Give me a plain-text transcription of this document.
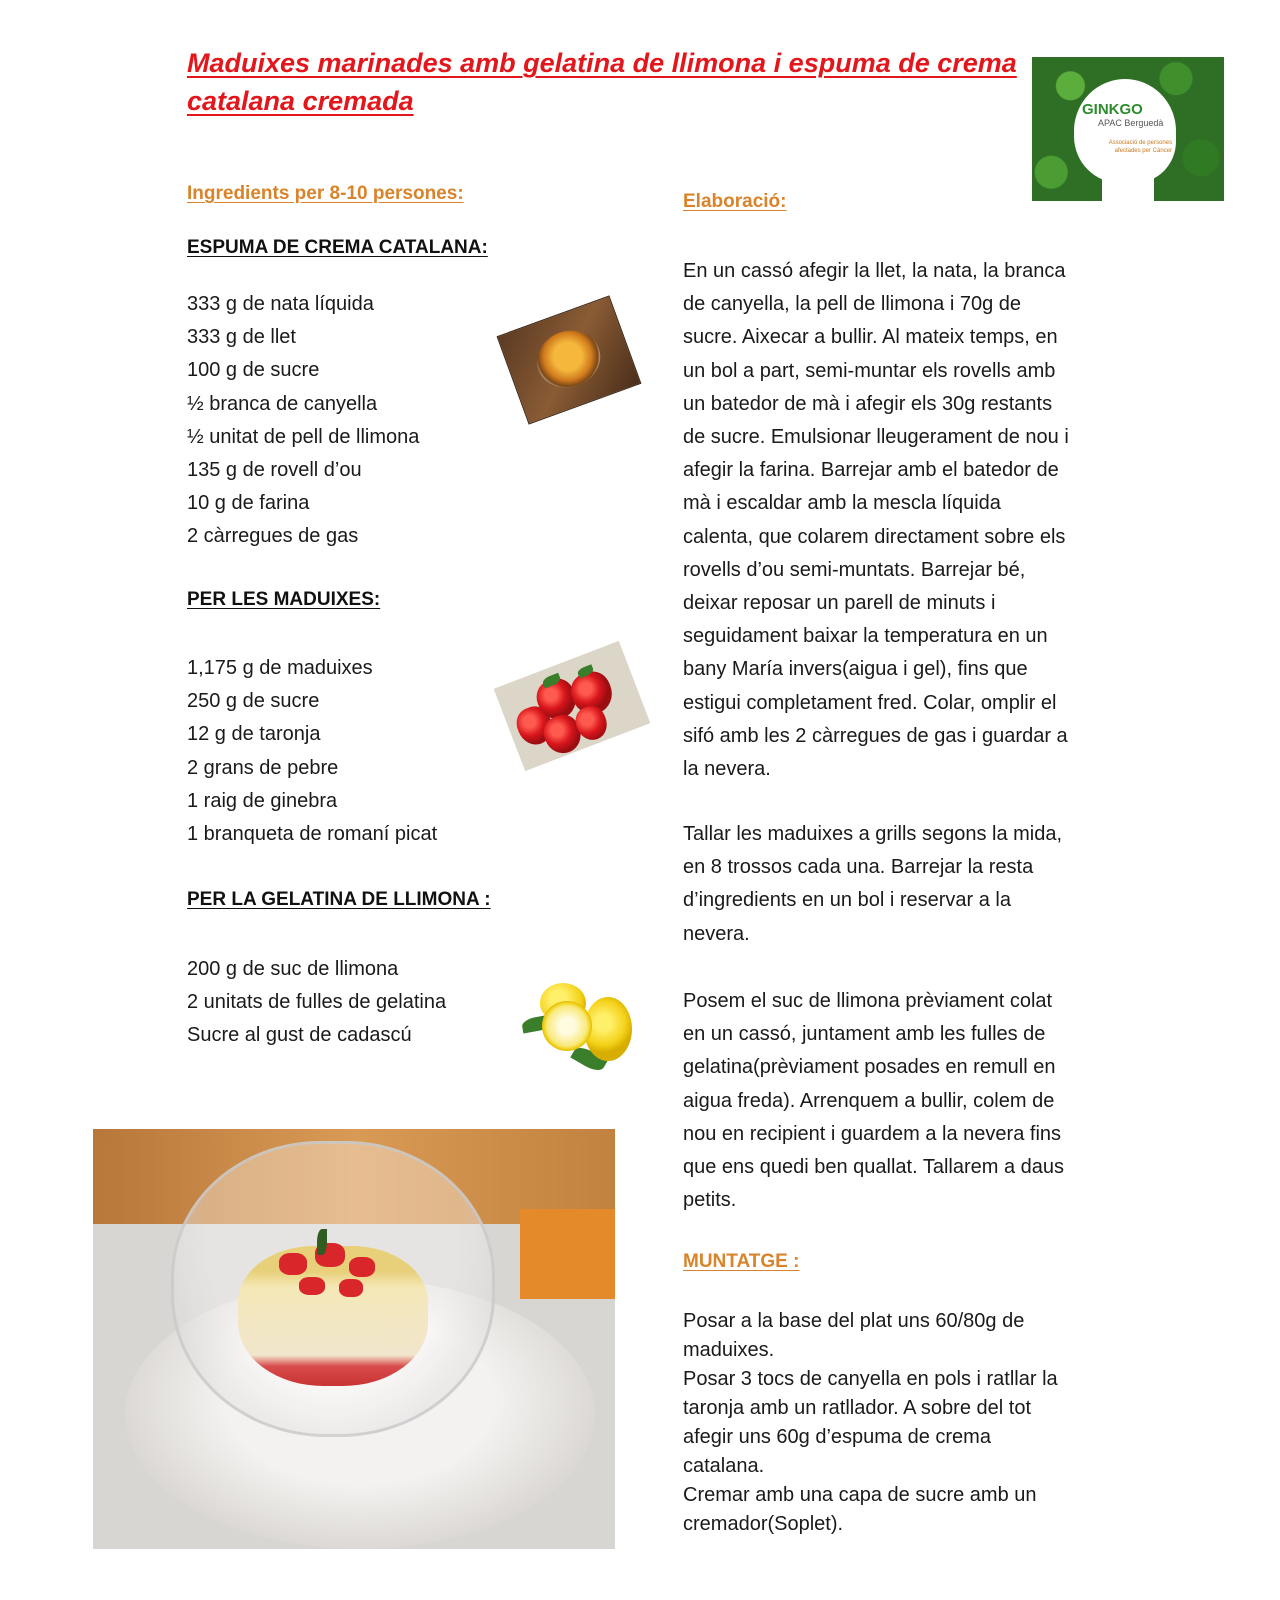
Maduixes marinades amb gelatina de llimona i espuma de crema catalana cremada	GINKGO
APAC Berguedà
Associació de persones afectades per Càncer
Ingredients per 8-10 persones:
ESPUMA DE CREMA CATALANA:
333 g de nata líquida
333 g de llet
100 g de sucre
½ branca de canyella
½ unitat de pell de llimona
135 g de rovell d’ou
10 g de farina
2 càrregues de gas
PER LES MADUIXES:
1,175 g de maduixes
250 g de sucre
12 g de taronja
2 grans de pebre
1 raig de ginebra
1 branqueta de romaní picat
PER LA GELATINA DE LLIMONA :
200 g de suc de llimona
2 unitats de fulles de gelatina
Sucre al gust de cadascú
Elaboració:
En un cassó afegir la llet, la nata, la branca
de canyella, la pell de llimona i 70g de
sucre. Aixecar a bullir. Al mateix temps, en
un bol a part, semi-muntar els rovells amb
un batedor de mà i afegir els 30g restants
de sucre. Emulsionar lleugerament de nou i
afegir la farina. Barrejar amb el batedor de
mà i escaldar amb la mescla líquida
calenta, que colarem directament sobre els
rovells d’ou semi-muntats. Barrejar bé,
deixar reposar un parell de minuts i
seguidament baixar la temperatura en un
bany María invers(aigua i gel), fins que
estigui completament fred. Colar, omplir el
sifó amb les 2 càrregues de gas i guardar a
la nevera.
Tallar les maduixes a grills segons la mida,
en 8 trossos cada una. Barrejar la resta
d’ingredients en un bol i reservar a la
nevera.
Posem el suc de llimona prèviament colat
en un cassó, juntament amb les fulles de
gelatina(prèviament posades en remull en
aigua freda). Arrenquem a bullir, colem de
nou en recipient i guardem a la nevera fins
que ens quedi ben quallat. Tallarem a daus
petits.
MUNTATGE :
Posar a la base del plat uns 60/80g de
maduixes.
Posar 3 tocs de canyella en pols i ratllar la
taronja amb un ratllador. A sobre del tot
afegir uns 60g d’espuma de crema
catalana.
Cremar amb una capa de sucre amb un
cremador(Soplet).
